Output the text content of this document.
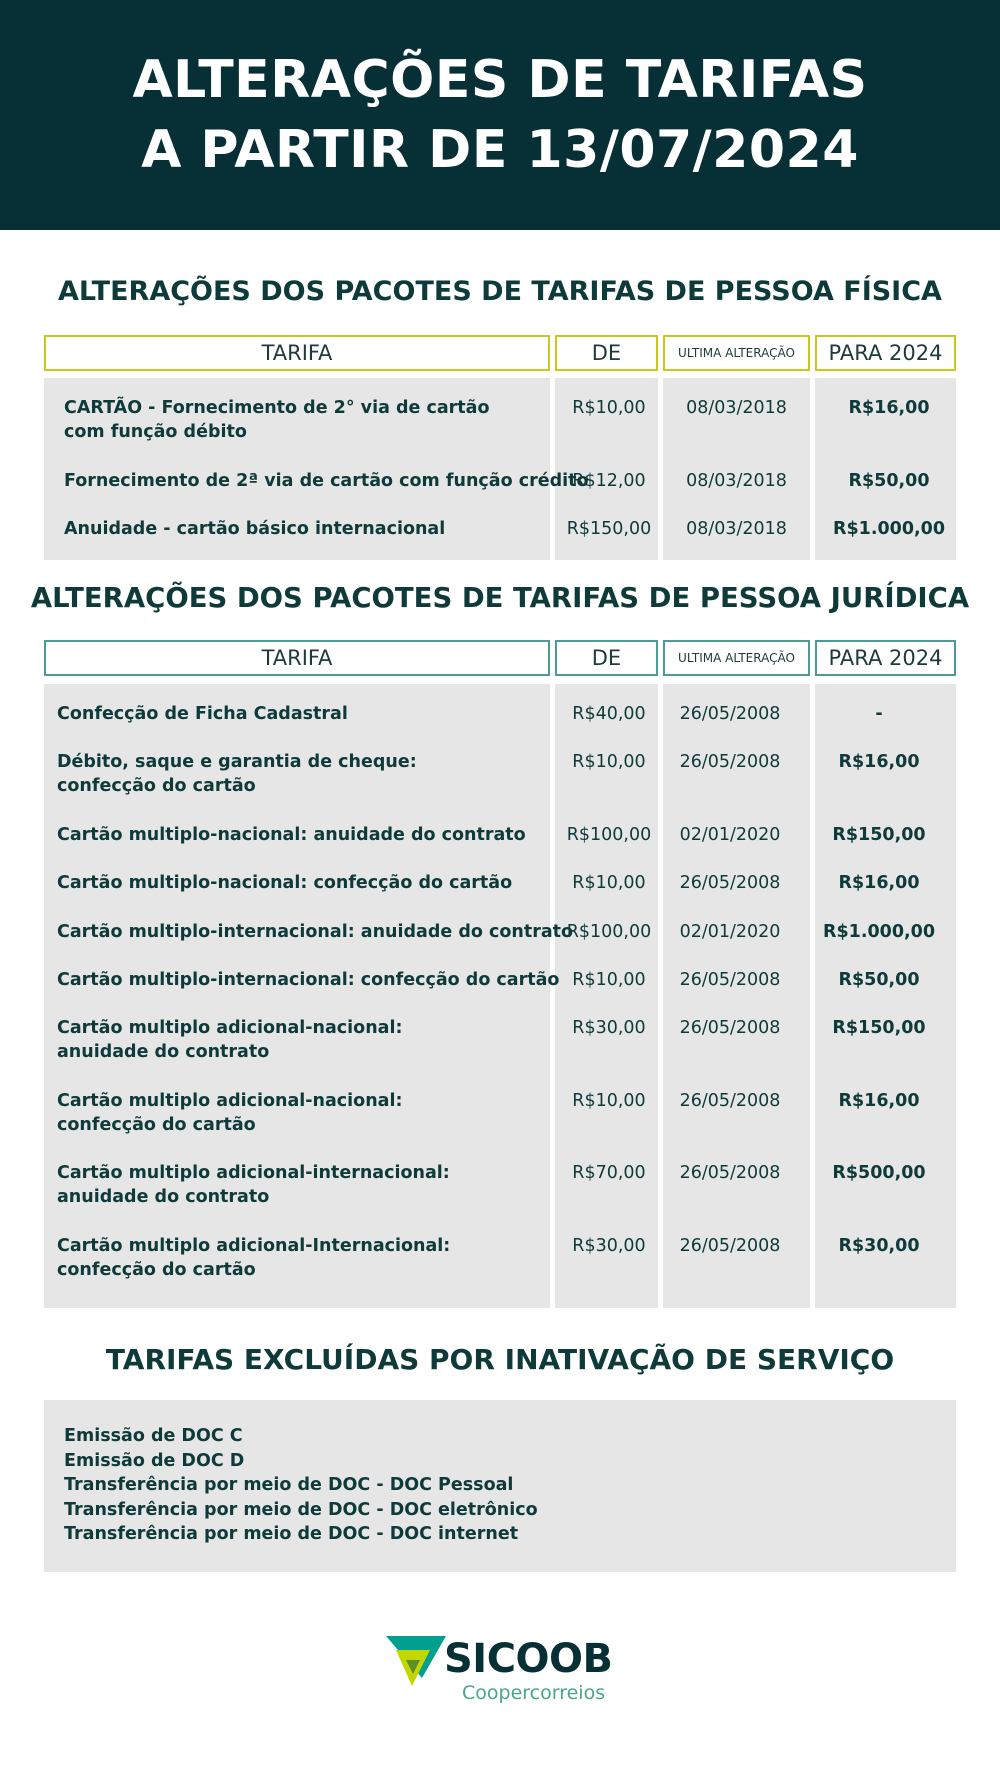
ALTERAÇÕES DE TARIFAS
A PARTIR DE 13/07/2024
ALTERAÇÕES DOS PACOTES DE TARIFAS DE PESSOA FÍSICA
TARIFA	DE	ULTIMA ALTERAÇÃO	PARA 2024
CARTÃO - Fornecimento de 2° via de cartão
com função débito
R$10,00	08/03/2018	R$16,00
Fornecimento de 2ª via de cartão com função crédito
R$12,00	08/03/2018	R$50,00
Anuidade - cartão básico internacional	R$150,00	08/03/2018	R$1.000,00
ALTERAÇÕES DOS PACOTES DE TARIFAS DE PESSOA JURÍDICA
TARIFA	DE	ULTIMA ALTERAÇÃO	PARA 2024
Confecção de Ficha Cadastral	R$40,00	26/05/2008	-
Débito, saque e garantia de cheque:
confecção do cartão
R$10,00	26/05/2008	R$16,00
Cartão multiplo-nacional: anuidade do contrato	R$100,00	02/01/2020	R$150,00
Cartão multiplo-nacional: confecção do cartão	R$10,00	26/05/2008	R$16,00
Cartão multiplo-internacional: anuidade do contrato
R$100,00	02/01/2020	R$1.000,00
Cartão multiplo-internacional: confecção do cartão R$10,00	26/05/2008	R$50,00
Cartão multiplo adicional-nacional:
anuidade do contrato
R$30,00	26/05/2008	R$150,00
Cartão multiplo adicional-nacional:
confecção do cartão
R$10,00	26/05/2008	R$16,00
Cartão multiplo adicional-internacional:
anuidade do contrato
R$70,00	26/05/2008	R$500,00
Cartão multiplo adicional-Internacional:
confecção do cartão
R$30,00	26/05/2008	R$30,00
TARIFAS EXCLUÍDAS POR INATIVAÇÃO DE SERVIÇO
Emissão de DOC C
Emissão de DOC D
Transferência por meio de DOC - DOC Pessoal
Transferência por meio de DOC - DOC eletrônico
Transferência por meio de DOC - DOC internet
SICOOB
Coopercorreios
